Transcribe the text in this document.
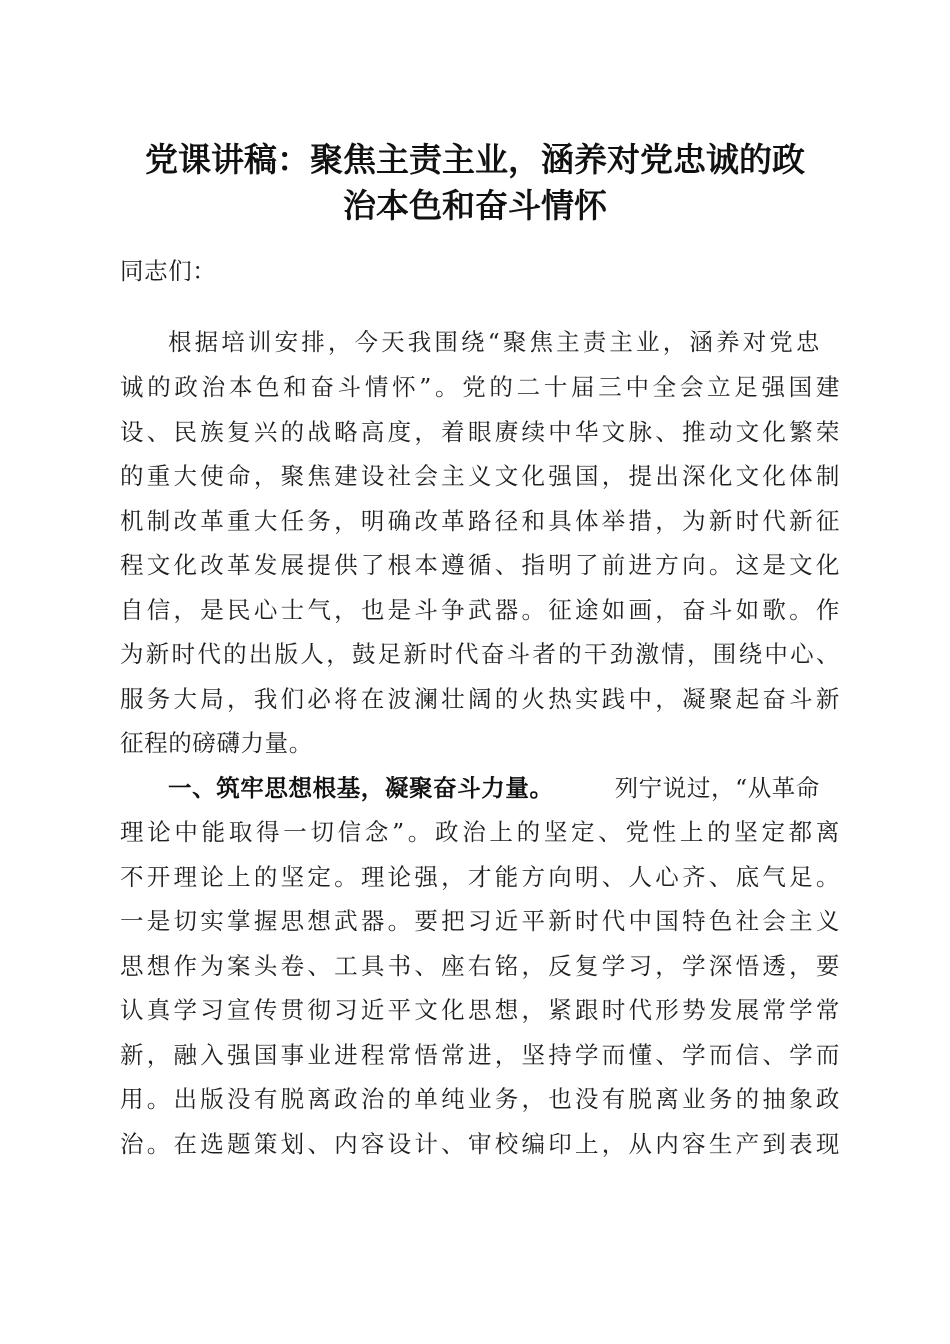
党课讲稿：聚焦主责主业，涵养对党忠诚的政
治本色和奋斗情怀
同志们：
根据培训安排，今天我围绕“聚焦主责主业，涵养对党忠
诚的政治本色和奋斗情怀”。党的二十届三中全会立足强国建
设、民族复兴的战略高度，着眼赓续中华文脉、推动文化繁荣
的重大使命，聚焦建设社会主义文化强国，提出深化文化体制
机制改革重大任务，明确改革路径和具体举措，为新时代新征
程文化改革发展提供了根本遵循、指明了前进方向。这是文化
自信，是民心士气，也是斗争武器。征途如画，奋斗如歌。作
为新时代的出版人，鼓足新时代奋斗者的干劲激情，围绕中心、
服务大局，我们必将在波澜壮阔的火热实践中，凝聚起奋斗新
征程的磅礴力量。
一、筑牢思想根基，凝聚奋斗力量。	列宁说过，“从革命
理论中能取得一切信念”。政治上的坚定、党性上的坚定都离
不开理论上的坚定。理论强，才能方向明、人心齐、底气足。
一是切实掌握思想武器。要把习近平新时代中国特色社会主义
思想作为案头卷、工具书、座右铭，反复学习，学深悟透，要
认真学习宣传贯彻习近平文化思想，紧跟时代形势发展常学常
新，融入强国事业进程常悟常进，坚持学而懂、学而信、学而
用。出版没有脱离政治的单纯业务，也没有脱离业务的抽象政
治。在选题策划、内容设计、审校编印上，从内容生产到表现
